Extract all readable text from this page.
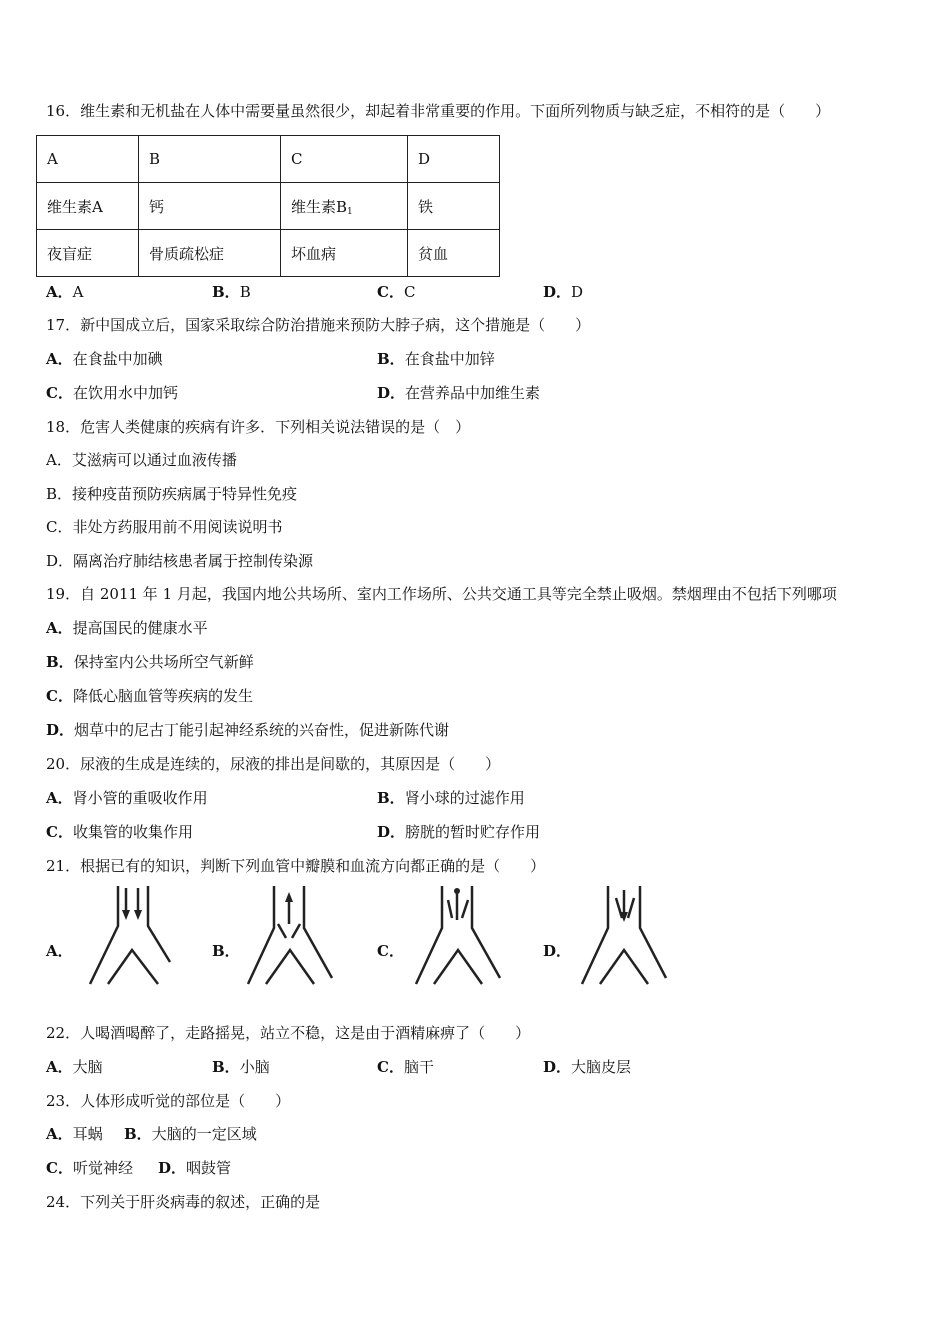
16．维生素和无机盐在人体中需要量虽然很少，却起着非常重要的作用。下面所列物质与缺乏症，不相符的是（　　）
A	B	C	D
维生素A	钙	维生素$B_1$	铁
夜盲症	骨质疏松症	坏血病	贫血
A．A	B．B	C．C	D．D
17．新中国成立后，国家采取综合防治措施来预防大脖子病，这个措施是（　　）
A．在食盐中加碘	B．在食盐中加锌
C．在饮用水中加钙	D．在营养品中加维生素
18．危害人类健康的疾病有许多．下列相关说法错误的是（　）
A．艾滋病可以通过血液传播
B．接种疫苗预防疾病属于特异性免疫
C．非处方药服用前不用阅读说明书
D．隔离治疗肺结核患者属于控制传染源
19．自 2011 年 1 月起，我国内地公共场所、室内工作场所、公共交通工具等完全禁止吸烟。禁烟理由不包括下列哪项
A．提高国民的健康水平
B．保持室内公共场所空气新鲜
C．降低心脑血管等疾病的发生
D．烟草中的尼古丁能引起神经系统的兴奋性，促进新陈代谢
20．尿液的生成是连续的，尿液的排出是间歇的，其原因是（　　）
A．肾小管的重吸收作用	B．肾小球的过滤作用
C．收集管的收集作用	D．膀胱的暂时贮存作用
21．根据已有的知识，判断下列血管中瓣膜和血流方向都正确的是（　　）
A．	B．	C．	D．
22．人喝酒喝醉了，走路摇晃，站立不稳，这是由于酒精麻痹了（　　）
A．大脑	B．小脑	C．脑干	D．大脑皮层
23．人体形成听觉的部位是（　　）
A．耳蜗 B．大脑的一定区域
C．听觉神经 D．咽鼓管
24．下列关于肝炎病毒的叙述，正确的是
